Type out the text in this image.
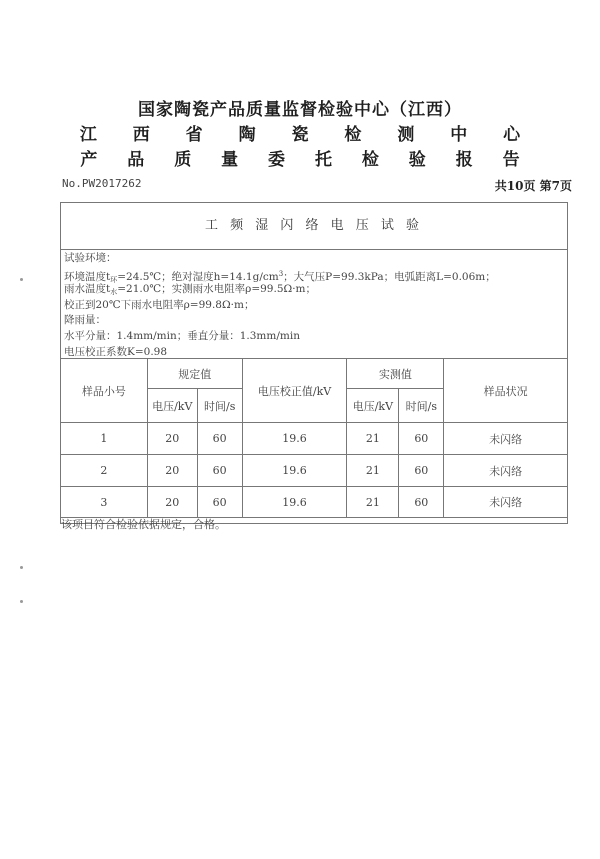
国家陶瓷产品质量监督检验中心（江西）
江 西 省 陶 瓷 检 测 中 心
产 品 质 量 委 托 检 验 报 告
No.PW2017262	共10页 第7页
工 频 湿 闪 络 电 压 试 验
试验环境：
环境温度$t_环=24.5℃$；绝对湿度$h=14.1g/cm^3$；大气压P=99.3kPa；电弧距离L=0.06m；
雨水温度$t_水=21.0℃$；实测雨水电阻率ρ=99.5Ω·m；
校正到20℃下雨水电阻率ρ=99.8Ω·m；
降雨量：
水平分量：1.4mm/min；垂直分量：1.3mm/min
电压校正系数K=0.98
样品小号	规定值		电压校正值/kV	实测值		样品状况
	电压/kV	时间/s		电压/kV	时间/s	
1	20	60	19.6	21	60	未闪络
2	20	60	19.6	21	60	未闪络
3	20	60	19.6	21	60	未闪络
该项目符合检验依据规定，合格。
